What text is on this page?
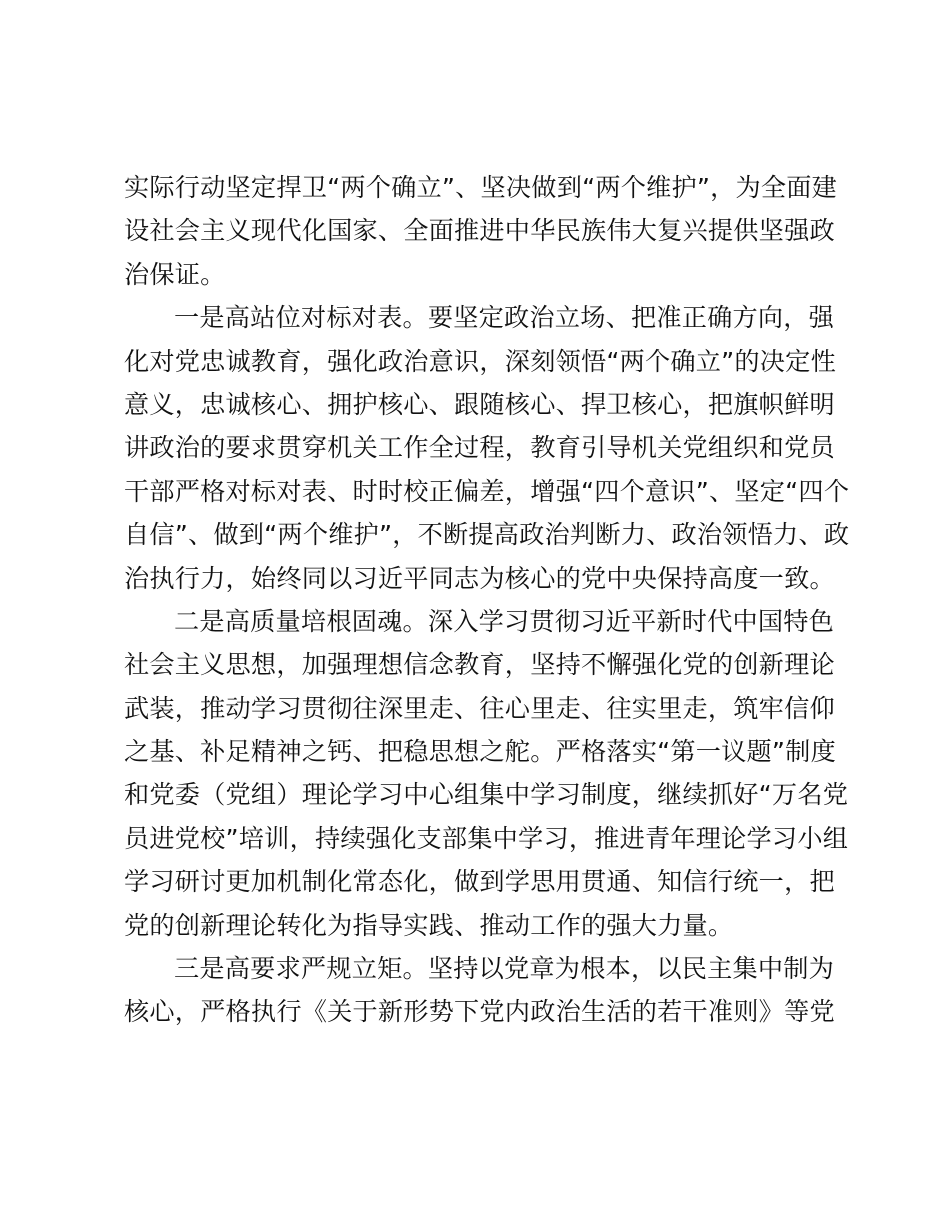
实际行动坚定捍卫“两个确立”、坚决做到“两个维护”，为全面建
设社会主义现代化国家、全面推进中华民族伟大复兴提供坚强政
治保证。
一是高站位对标对表。要坚定政治立场、把准正确方向，强
化对党忠诚教育，强化政治意识，深刻领悟“两个确立”的决定性
意义，忠诚核心、拥护核心、跟随核心、捍卫核心，把旗帜鲜明
讲政治的要求贯穿机关工作全过程，教育引导机关党组织和党员
干部严格对标对表、时时校正偏差，增强“四个意识”、坚定“四个
自信”、做到“两个维护”，不断提高政治判断力、政治领悟力、政
治执行力，始终同以习近平同志为核心的党中央保持高度一致。
二是高质量培根固魂。深入学习贯彻习近平新时代中国特色
社会主义思想，加强理想信念教育，坚持不懈强化党的创新理论
武装，推动学习贯彻往深里走、往心里走、往实里走，筑牢信仰
之基、补足精神之钙、把稳思想之舵。严格落实“第一议题”制度
和党委（党组）理论学习中心组集中学习制度，继续抓好“万名党
员进党校”培训，持续强化支部集中学习，推进青年理论学习小组
学习研讨更加机制化常态化，做到学思用贯通、知信行统一，把
党的创新理论转化为指导实践、推动工作的强大力量。
三是高要求严规立矩。坚持以党章为根本，以民主集中制为
核心，严格执行《关于新形势下党内政治生活的若干准则》等党
